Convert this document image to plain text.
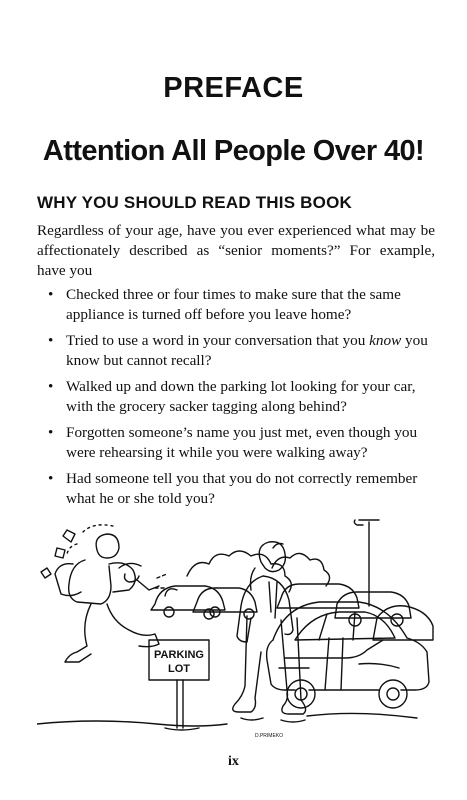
PREFACE
Attention All People Over 40!
WHY YOU SHOULD READ THIS BOOK

Regardless of your age, have you ever experienced what may be affectionately described as “senior moments?” For example, have you

• Checked three or four times to make sure that the same appliance is turned off before you leave home?
• Tried to use a word in your conversation that you know you know but cannot recall?
• Walked up and down the parking lot looking for your car, with the grocery sacker tagging along behind?
• Forgotten someone’s name you just met, even though you were rehearsing it while you were walking away?
• Had someone tell you that you do not correctly remember what he or she told you?
PARKING
LOT
D.PRIMEKO
ix
